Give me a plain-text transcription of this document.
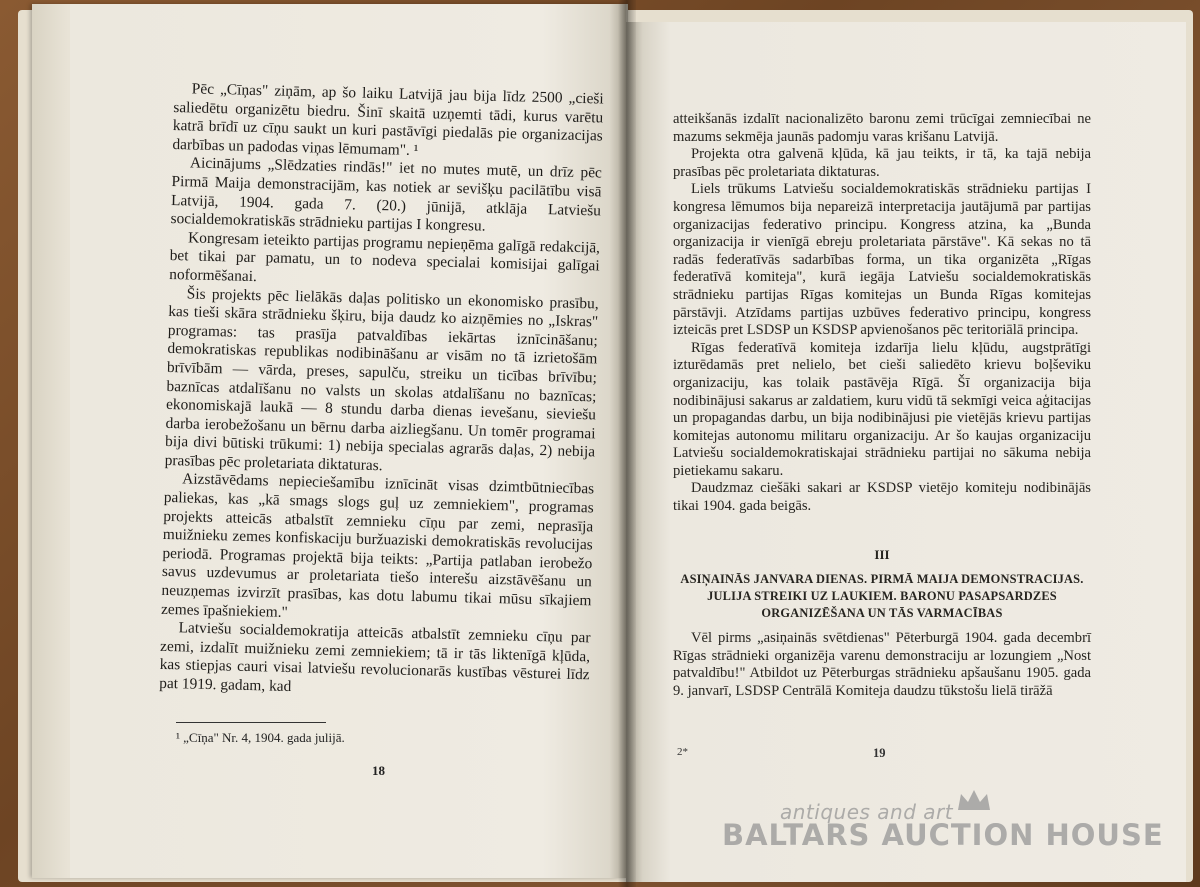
Pēc „Cīņas" ziņām, ap šo laiku Latvijā jau bija līdz 2500 „cieši saliedētu organizētu biedru. Šinī skaitā uzņemti tādi, kurus varētu katrā brīdī uz cīņu saukt un kuri pastāvīgi piedalās pie organizacijas darbības un padodas viņas lēmumam". ¹

Aicinājums „Slēdzaties rindās!" iet no mutes mutē, un drīz pēc Pirmā Maija demonstracijām, kas notiek ar sevišķu pacilātību visā Latvijā, 1904. gada 7. (20.) jūnijā, atklāja Latviešu socialdemokratiskās strādnieku partijas I kongresu.

Kongresam ieteikto partijas programu nepieņēma galīgā redakcijā, bet tikai par pamatu, un to nodeva specialai komisijai galīgai noformēšanai.

Šis projekts pēc lielākās daļas politisko un ekonomisko prasību, kas tieši skāra strādnieku šķiru, bija daudz ko aizņēmies no „Iskras" programas: tas prasīja patvaldības iekārtas iznīcināšanu; demokratiskas republikas nodibināšanu ar visām no tā izrietošām brīvībām — vārda, preses, sapulču, streiku un ticības brīvību; baznīcas atdalīšanu no valsts un skolas atdalīšanu no baznīcas; ekonomiskajā laukā — 8 stundu darba dienas ievešanu, sieviešu darba ierobežošanu un bērnu darba aizliegšanu. Un tomēr programai bija divi būtiski trūkumi: 1) nebija specialas agrarās daļas, 2) nebija prasības pēc proletariata diktaturas.

Aizstāvēdams nepieciešamību iznīcināt visas dzimtbūtniecības paliekas, kas „kā smags slogs guļ uz zemniekiem", programas projekts atteicās atbalstīt zemnieku cīņu par zemi, neprasīja muižnieku zemes konfiskaciju buržuaziski demokratiskās revolucijas periodā. Programas projektā bija teikts: „Partija patlaban ierobežo savus uzdevumus ar proletariata tiešo interešu aizstāvēšanu un neuzņemas izvirzīt prasības, kas dotu labumu tikai mūsu sīkajiem zemes īpašniekiem."

Latviešu socialdemokratija atteicās atbalstīt zemnieku cīņu par zemi, izdalīt muižnieku zemi zemniekiem; tā ir tās liktenīgā kļūda, kas stiepjas cauri visai latviešu revolucionarās kustības vēsturei līdz pat 1919. gadam, kad

¹ „Cīņa" Nr. 4, 1904. gada julijā.
18

atteikšanās izdalīt nacionalizēto baronu zemi trūcīgai zemniecībai ne mazums sekmēja jaunās padomju varas krišanu Latvijā.

Projekta otra galvenā kļūda, kā jau teikts, ir tā, ka tajā nebija prasības pēc proletariata diktaturas.

Liels trūkums Latviešu socialdemokratiskās strādnieku partijas I kongresa lēmumos bija nepareizā interpretacija jautājumā par partijas organizacijas federativo principu. Kongress atzina, ka „Bunda organizacija ir vienīgā ebreju proletariata pārstāve". Kā sekas no tā radās federatīvās sadarbības forma, un tika organizēta „Rīgas federatīvā komiteja", kurā iegāja Latviešu socialdemokratiskās strādnieku partijas Rīgas komitejas un Bunda Rīgas komitejas pārstāvji. Atzīdams partijas uzbūves federativo principu, kongress izteicās pret LSDSP un KSDSP apvienošanos pēc teritoriālā principa.

Rīgas federatīvā komiteja izdarīja lielu kļūdu, augstprātīgi izturēdamās pret nelielo, bet cieši saliedēto krievu boļševiku organizaciju, kas tolaik pastāvēja Rīgā. Šī organizacija bija nodibinājusi sakarus ar zaldatiem, kuru vidū tā sekmīgi veica aģitacijas un propagandas darbu, un bija nodibinājusi pie vietējās krievu partijas komitejas autonomu militaru organizaciju. Ar šo kaujas organizaciju Latviešu socialdemokratiskajai strādnieku partijai no sākuma nebija pietiekamu sakaru.

Daudzmaz ciešāki sakari ar KSDSP vietējo komiteju nodibinājās tikai 1904. gada beigās.

III
ASIŅAINĀS JANVARA DIENAS. PIRMĀ MAIJA DEMONSTRACIJAS. JULIJA STREIKI UZ LAUKIEM. BARONU PASAPSARDZES ORGANIZĒŠANA UN TĀS VARMACĪBAS

Vēl pirms „asiņainās svētdienas" Pēterburgā 1904. gada decembrī Rīgas strādnieki organizēja varenu demonstraciju ar lozungiem „Nost patvaldību!" Atbildot uz Pēterburgas strādnieku apšaušanu 1905. gada 9. janvarī, LSDSP Centrālā Komiteja daudzu tūkstošu lielā tirāžā

2*	19
antiques and art
BALTARS AUCTION HOUSE
